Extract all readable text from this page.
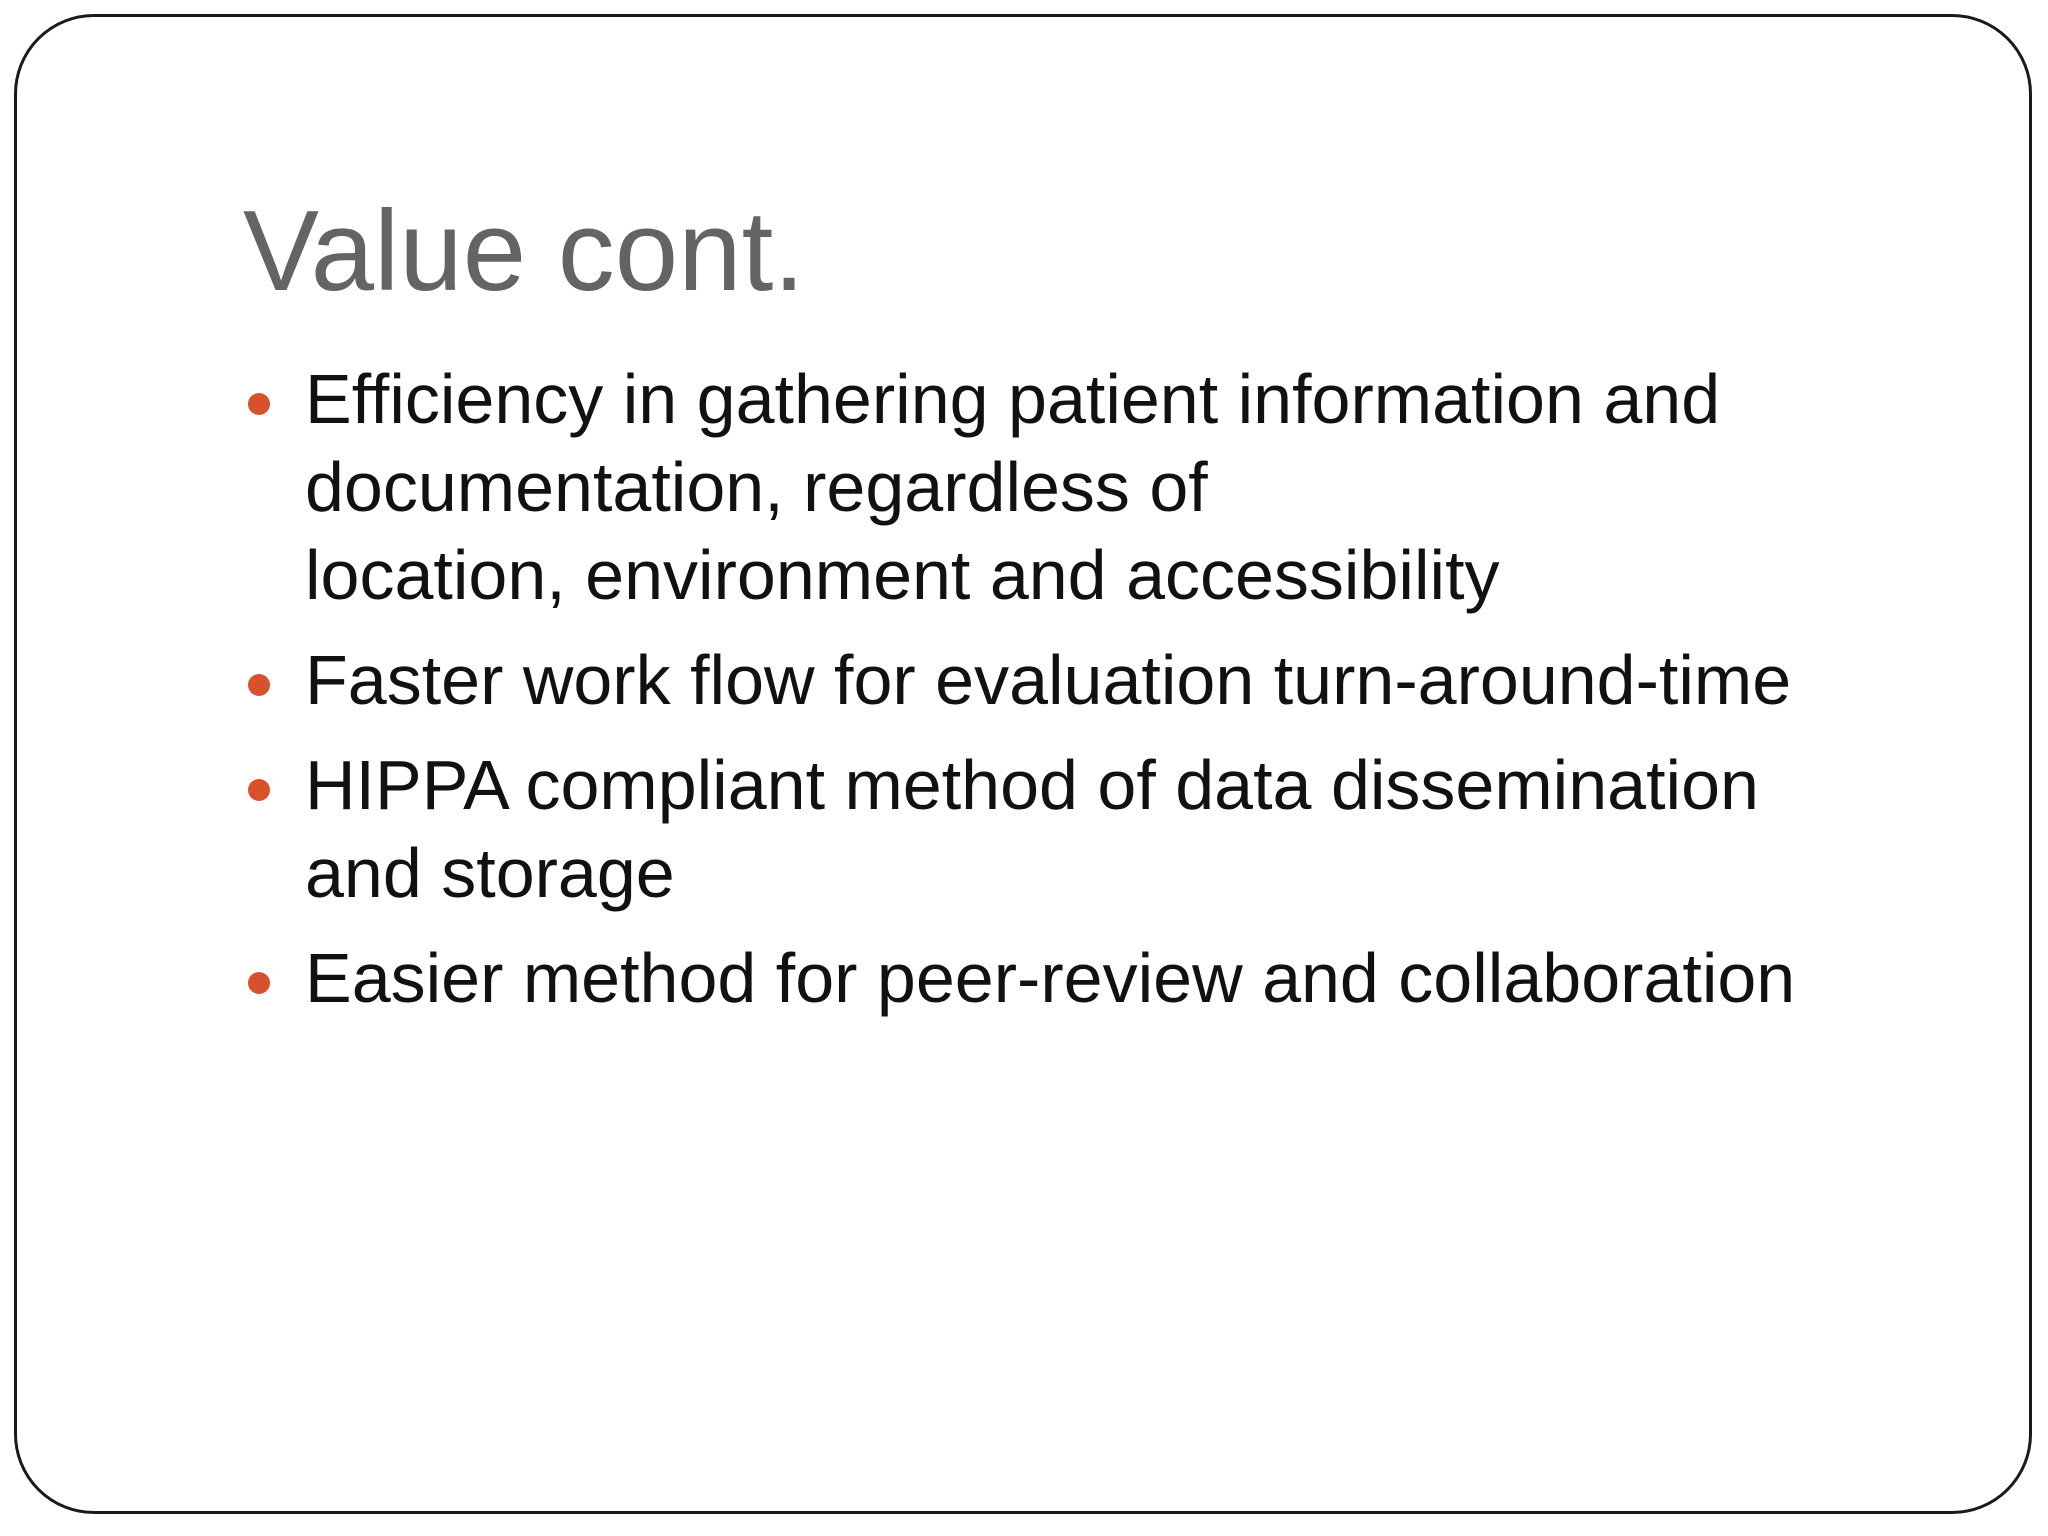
Value cont.
Efficiency in gathering patient information and
documentation, regardless of
location, environment and accessibility
Faster work flow for evaluation turn-around-time
HIPPA compliant method of data dissemination
and storage
Easier method for peer-review and collaboration
